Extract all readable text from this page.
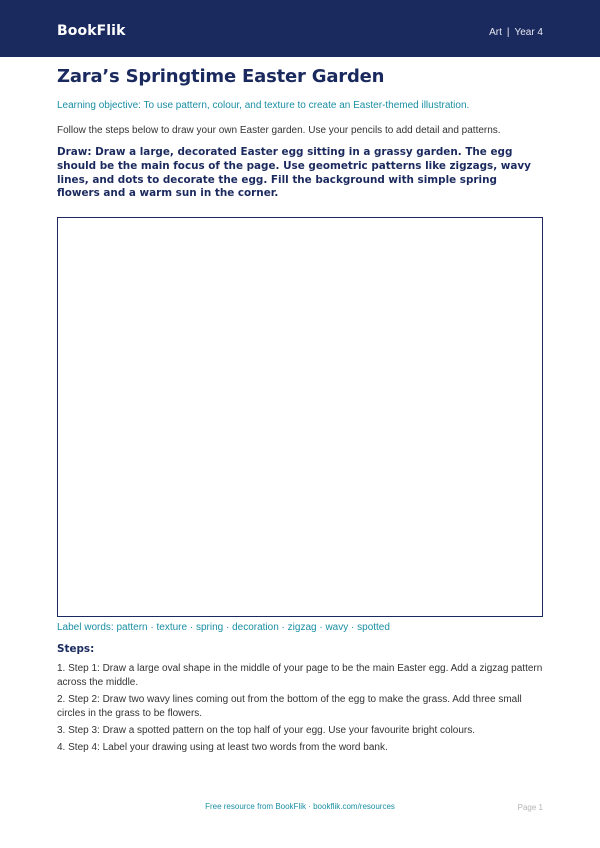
BookFlik	Art | Year 4
Zara’s Springtime Easter Garden
Learning objective: To use pattern, colour, and texture to create an Easter-themed illustration.
Follow the steps below to draw your own Easter garden. Use your pencils to add detail and patterns.
Draw: Draw a large, decorated Easter egg sitting in a grassy garden. The egg should be the main focus of the page. Use geometric patterns like zigzags, wavy lines, and dots to decorate the egg. Fill the background with simple spring flowers and a warm sun in the corner.
Label words: pattern · texture · spring · decoration · zigzag · wavy · spotted
Steps:
1. Step 1: Draw a large oval shape in the middle of your page to be the main Easter egg. Add a zigzag pattern across the middle.
2. Step 2: Draw two wavy lines coming out from the bottom of the egg to make the grass. Add three small circles in the grass to be flowers.
3. Step 3: Draw a spotted pattern on the top half of your egg. Use your favourite bright colours.
4. Step 4: Label your drawing using at least two words from the word bank.
Free resource from BookFlik · bookflik.com/resources	Page 1
